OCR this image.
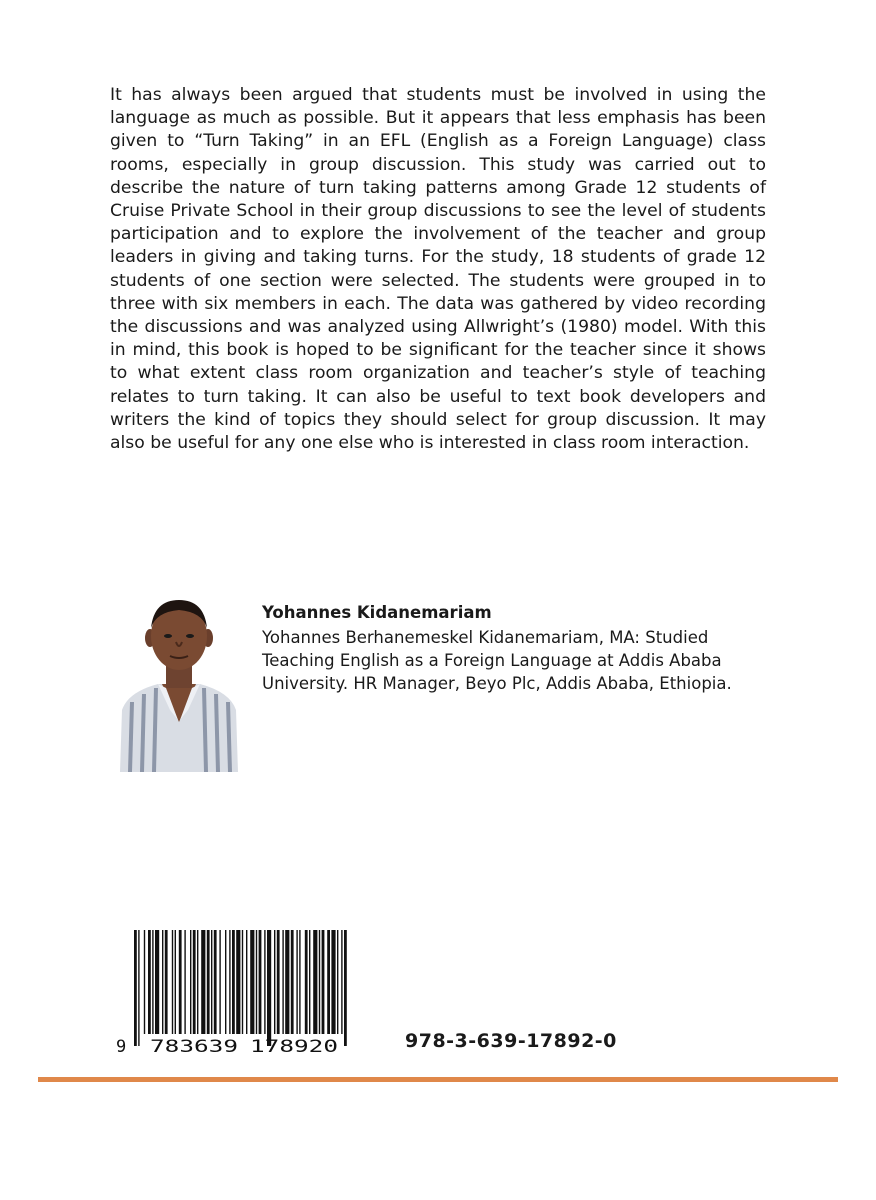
It has always been argued that students must be involved in using the language as much as possible. But it appears that less emphasis has been given to “Turn Taking” in an EFL (English as a Foreign Language) class rooms, especially in group discussion. This study was carried out to describe the nature of turn taking patterns among Grade 12 students of Cruise Private School in their group discussions to see the level of students participation and to explore the involvement of the teacher and group leaders in giving and taking turns. For the study, 18 students of grade 12 students of one section were selected. The students were grouped in to three with six members in each. The data was gathered by video recording the discussions and was analyzed using Allwright’s (1980) model. With this in mind, this book is hoped to be significant for the teacher since it shows to what extent class room organization and teacher’s style of teaching relates to turn taking. It can also be useful to text book developers and writers the kind of topics they should select for group discussion. It may also be useful for any one else who is interested in class room interaction.

Yohannes Kidanemariam

Yohannes Berhanemeskel Kidanemariam, MA: Studied Teaching English as a Foreign Language at Addis Ababa University. HR Manager, Beyo Plc, Addis Ababa, Ethiopia.

9 783639 178920	978-3-639-17892-0
